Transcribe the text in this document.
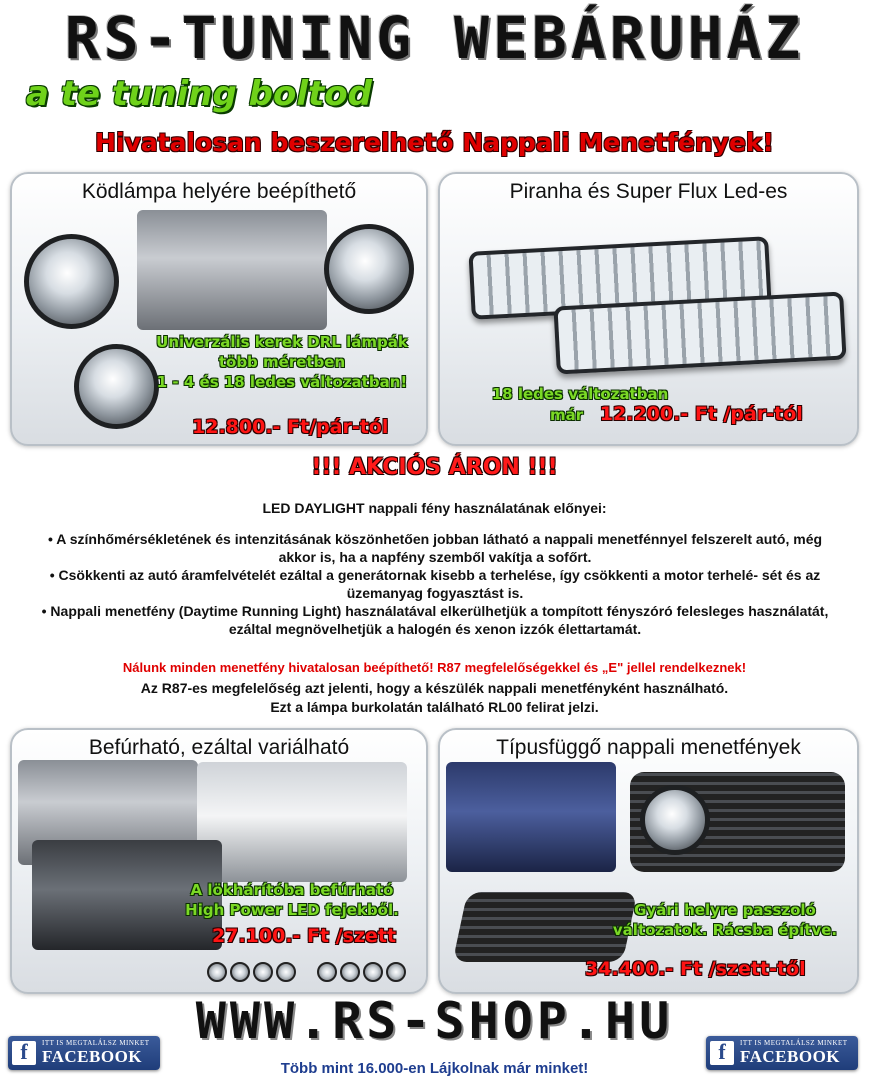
RS-TUNING WEBÁRUHÁZ
a te tuning boltod
Hivatalosan beszerelhető Nappali Menetfények!
Ködlámpa helyére beépíthető
Univerzális kerek DRL lámpák
több méretben
1 - 4 és 18 ledes változatban!
12.800.- Ft/pár-tól
Piranha és Super Flux Led-es
18 ledes változatban
már 12.200.- Ft /pár-tól
!!! AKCIÓS ÁRON !!!
LED DAYLIGHT nappali fény használatának előnyei:
• A színhőmérsékletének és intenzitásának köszönhetően jobban látható a nappali menetfénnyel felszerelt autó, még akkor is, ha a napfény szemből vakítja a sofőrt.
• Csökkenti az autó áramfelvételét ezáltal a generátornak kisebb a terhelése, így csökkenti a motor terhelé- sét és az üzemanyag fogyasztást is.
• Nappali menetfény (Daytime Running Light) használatával elkerülhetjük a tompított fényszóró felesleges használatát, ezáltal megnövelhetjük a halogén és xenon izzók élettartamát.
Nálunk minden menetfény hivatalosan beépíthető! R87 megfelelőségekkel és „E" jellel rendelkeznek!
Az R87-es megfelelőség azt jelenti, hogy a készülék nappali menetfényként használható.
Ezt a lámpa burkolatán található RL00 felirat jelzi.
Befúrható, ezáltal variálható
A lökhárítóba befúrható
High Power LED fejekből.
27.100.- Ft /szett
Típusfüggő nappali menetfények
Gyári helyre passzoló
változatok. Rácsba építve.
34.400.- Ft /szett-től
WWW.RS-SHOP.HU
f	ITT IS MEGTALÁLSZ MINKET
FACEBOOK	f	ITT IS MEGTALÁLSZ MINKET
FACEBOOK
Több mint 16.000-en Lájkolnak már minket!
